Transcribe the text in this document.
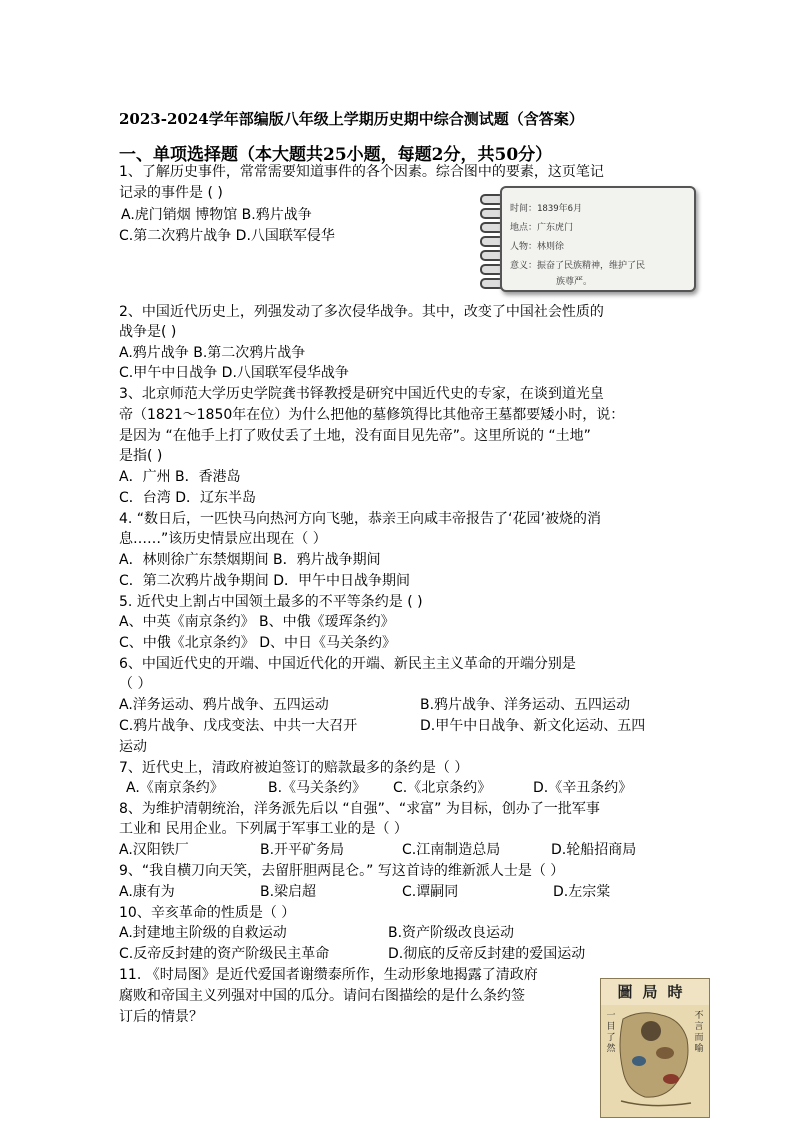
2023-2024学年部编版八年级上学期历史期中综合测试题（含答案）
一、单项选择题（本大题共25小题，每题2分，共50分）
1、了解历史事件，常常需要知道事件的各个因素。综合图中的要素，这页笔记
记录的事件是 ( )
A.虎门销烟 博物馆 B.鸦片战争
C.第二次鸦片战争 D.八国联军侵华
时间：1839年6月
地点：广东虎门
人物：林则徐
意义：振奋了民族精神，维护了民
族尊严。
2、中国近代历史上，列强发动了多次侵华战争。其中，改变了中国社会性质的
战争是( )
A.鸦片战争 B.第二次鸦片战争
C.甲午中日战争 D.八国联军侵华战争
3、北京师范大学历史学院龚书铎教授是研究中国近代史的专家，在谈到道光皇
帝（1821～1850年在位）为什么把他的墓修筑得比其他帝王墓都要矮小时，说：
是因为 “在他手上打了败仗丢了土地，没有面目见先帝”。这里所说的 “土地”
是指( )
A．广州 B．香港岛
C．台湾 D．辽东半岛
4. “数日后，一匹快马向热河方向飞驰，恭亲王向咸丰帝报告了‘花园’被烧的消
息……”该历史情景应出现在（ ）
A．林则徐广东禁烟期间 B．鸦片战争期间
C．第二次鸦片战争期间 D．甲午中日战争期间
5. 近代史上割占中国领土最多的不平等条约是 ( )
A、中英《南京条约》 B、中俄《瑷珲条约》
C、中俄《北京条约》 D、中日《马关条约》
6、中国近代史的开端、中国近代化的开端、新民主主义革命的开端分别是
（ ）
A.洋务运动、鸦片战争、五四运动	B.鸦片战争、洋务运动、五四运动
C.鸦片战争、戊戌变法、中共一大召开	D.甲午中日战争、新文化运动、五四
运动
7、近代史上，清政府被迫签订的赔款最多的条约是（ ）
A.《南京条约》	B.《马关条约》 C.《北京条约》	D.《辛丑条约》
8、为维护清朝统治，洋务派先后以 “自强”、“求富” 为目标，创办了一批军事
工业和 民用企业。下列属于军事工业的是（ ）
A.汉阳铁厂	B.开平矿务局	C.江南制造总局	D.轮船招商局
9、“我自横刀向天笑，去留肝胆两昆仑。” 写这首诗的维新派人士是（ ）
A.康有为	B.梁启超	C.谭嗣同	D.左宗棠
10、辛亥革命的性质是（ ）
A.封建地主阶级的自救运动	B.资产阶级改良运动
C.反帝反封建的资产阶级民主革命	D.彻底的反帝反封建的爱国运动
11. 《时局图》是近代爱国者谢缵泰所作，生动形象地揭露了清政府
腐败和帝国主义列强对中国的瓜分。请问右图描绘的是什么条约签
订后的情景？
圖局時
一目了然
不言而喻
